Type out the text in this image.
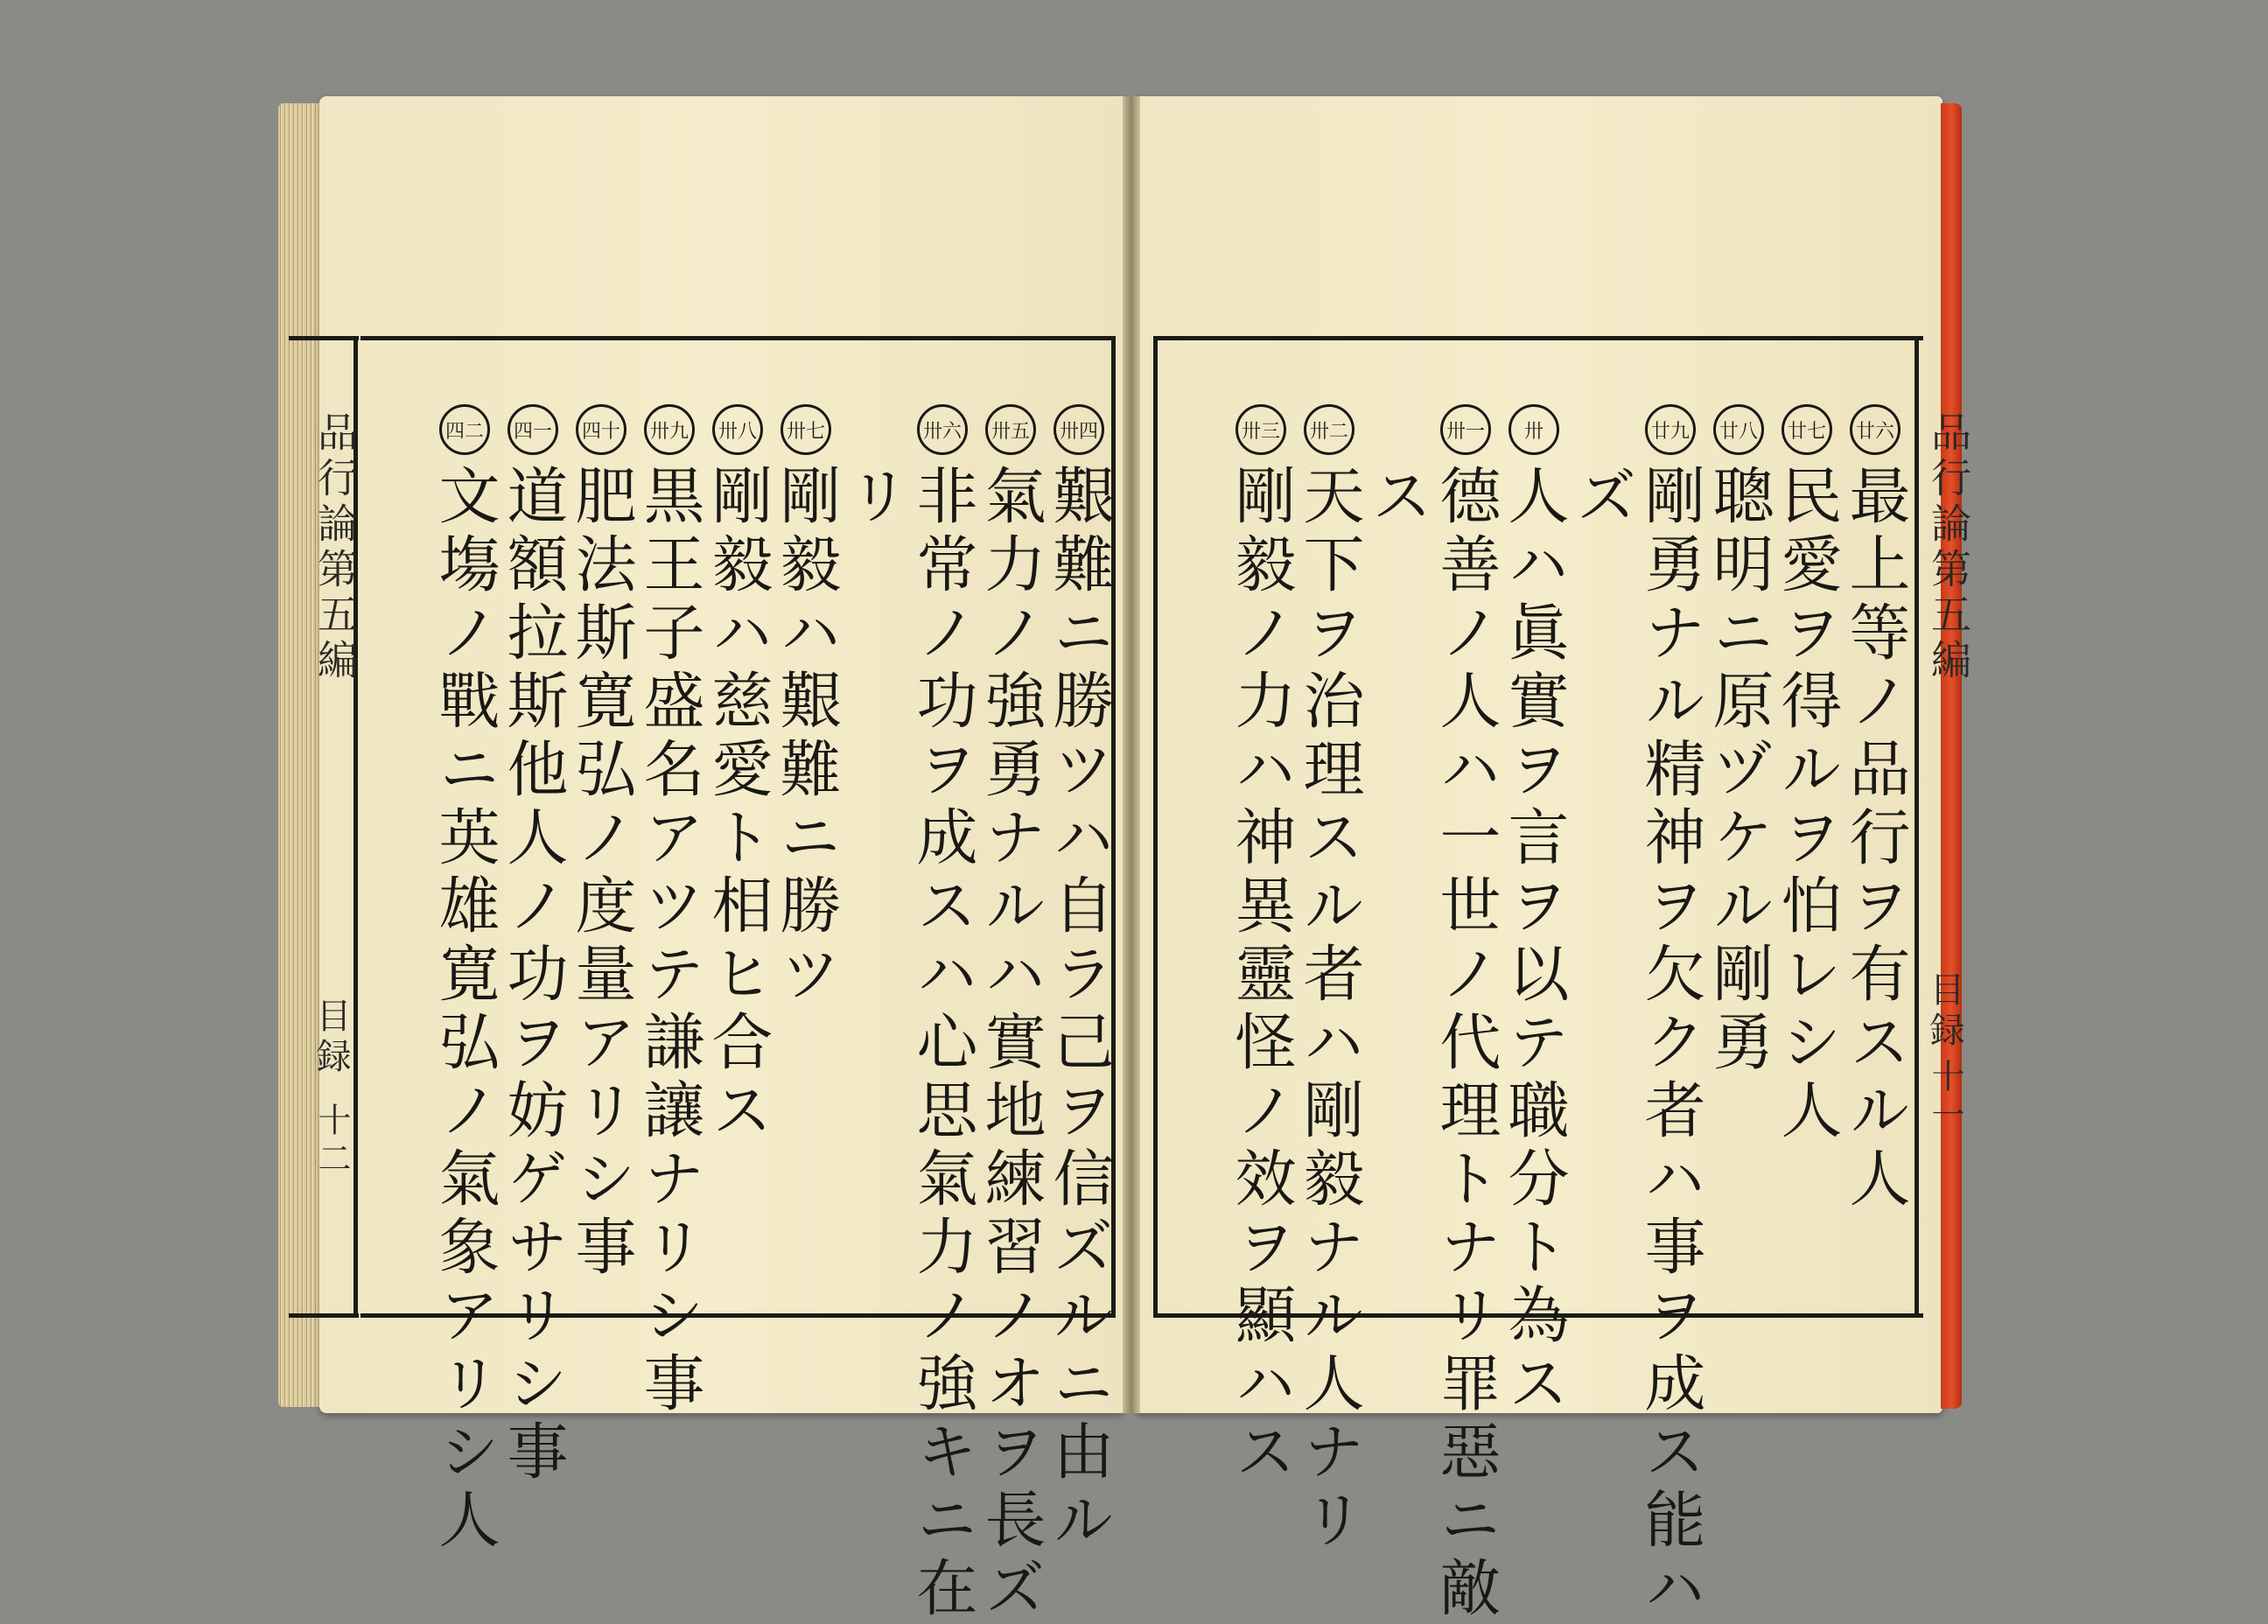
品行論第五編
目録
十二
品行論第五編
目録
十一
廿六最上等ノ品行ヲ有スル人
廿七民愛ヲ得ルヲ怕レシ人
廿八聰明ニ原ヅケル剛勇
廿九剛勇ナル精神ヲ欠ク者ハ事ヲ成ス能ハ
ズ
卅人ハ眞實ヲ言ヲ以テ職分ト為ス
卅一德善ノ人ハ一世ノ代理トナリ罪惡ニ敵
ス
卅二天下ヲ治理スル者ハ剛毅ナル人ナリ
卅三剛毅ノ力ハ神異靈怪ノ效ヲ顯ハス
卅四艱難ニ勝ツハ自ラ己ヲ信ズルニ由ル
卅五氣力ノ強勇ナルハ實地練習ノオヲ長ズ
卅六非常ノ功ヲ成スハ心思氣力ノ強キニ在
リ
卅七剛毅ハ艱難ニ勝ツ
卅八剛毅ハ慈愛ト相ヒ合ス
卅九黒王子盛名アツテ謙讓ナリシ事
四十肥法斯寛弘ノ度量アリシ事
四一道額拉斯他人ノ功ヲ妨ゲサリシ事
四二文塲ノ戰ニ英雄寛弘ノ氣象アリシ人
